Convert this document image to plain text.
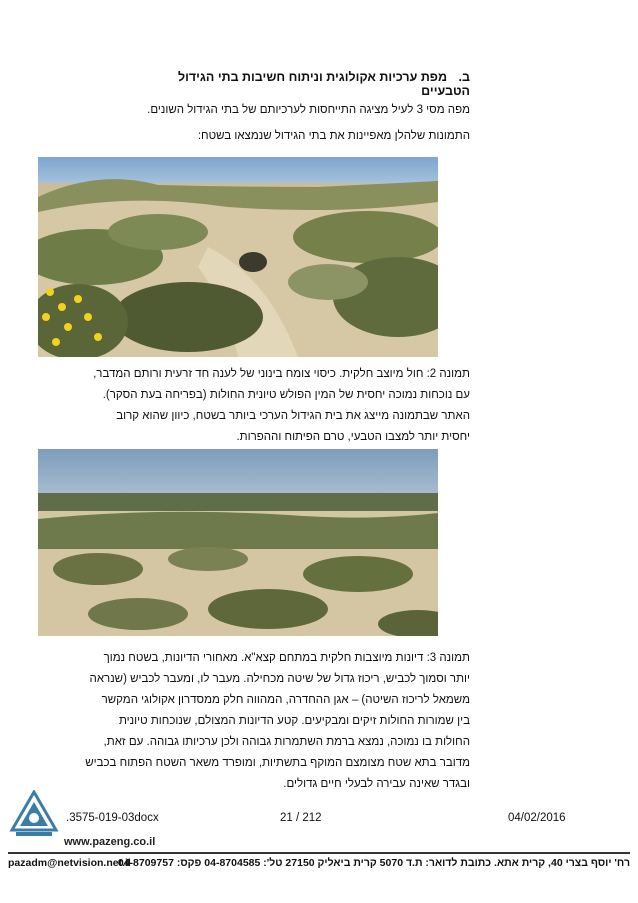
ב. מפת ערכיות אקולוגית וניתוח חשיבות בתי הגידול הטבעיים
מפה מסי 3 לעיל מציגה התייחסות לערכיותם של בתי הגידול השונים.
התמונות שלהלן מאפיינות את בתי הגידול שנמצאו בשטח:
תמונה 2: חול מיוצב חלקית. כיסוי צומח בינוני של לענה חד זרעית ורותם המדבר,
עם נוכחות נמוכה יחסית של המין הפולש טיונית החולות (בפריחה בעת הסקר).
האתר שבתמונה מייצג את בית הגידול הערכי ביותר בשטח, כיוון שהוא קרוב
יחסית יותר למצבו הטבעי, טרם הפיתוח וההפרות.
תמונה 3: דיונות מיוצבות חלקית במתחם קצא"א. מאחורי הדיונות, בשטח נמוך
יותר וסמוך לכביש, ריכוז גדול של שיטה מכחילה. מעבר לו, ומעבר לכביש (שנראה
משמאל לריכוז השיטה) – אגן ההחדרה, המהווה חלק ממסדרון אקולוגי המקשר
בין שמורות החולות זיקים ומבקיעים. קטע הדיונות המצולם, שנוכחות טיונית
החולות בו נמוכה, נמצא ברמת השתמרות גבוהה ולכן ערכיותו גבוהה. עם זאת,
מדובר בתא שטח מצומצם המוקף בתשתיות, ומופרד משאר השטח הפתוח בכביש
ובגדר שאינה עבירה לבעלי חיים גדולים.
.3575-019-03docx	21 / 212	04/02/2016
www.pazeng.co.il
pazadm@netvision.net.il
רח' יוסף בצרי 40, קרית אתא. כתובת לדואר: ת.ד 5070 קרית ביאליק 27150 טל': 04-8704585 פקס: 04-8709757
